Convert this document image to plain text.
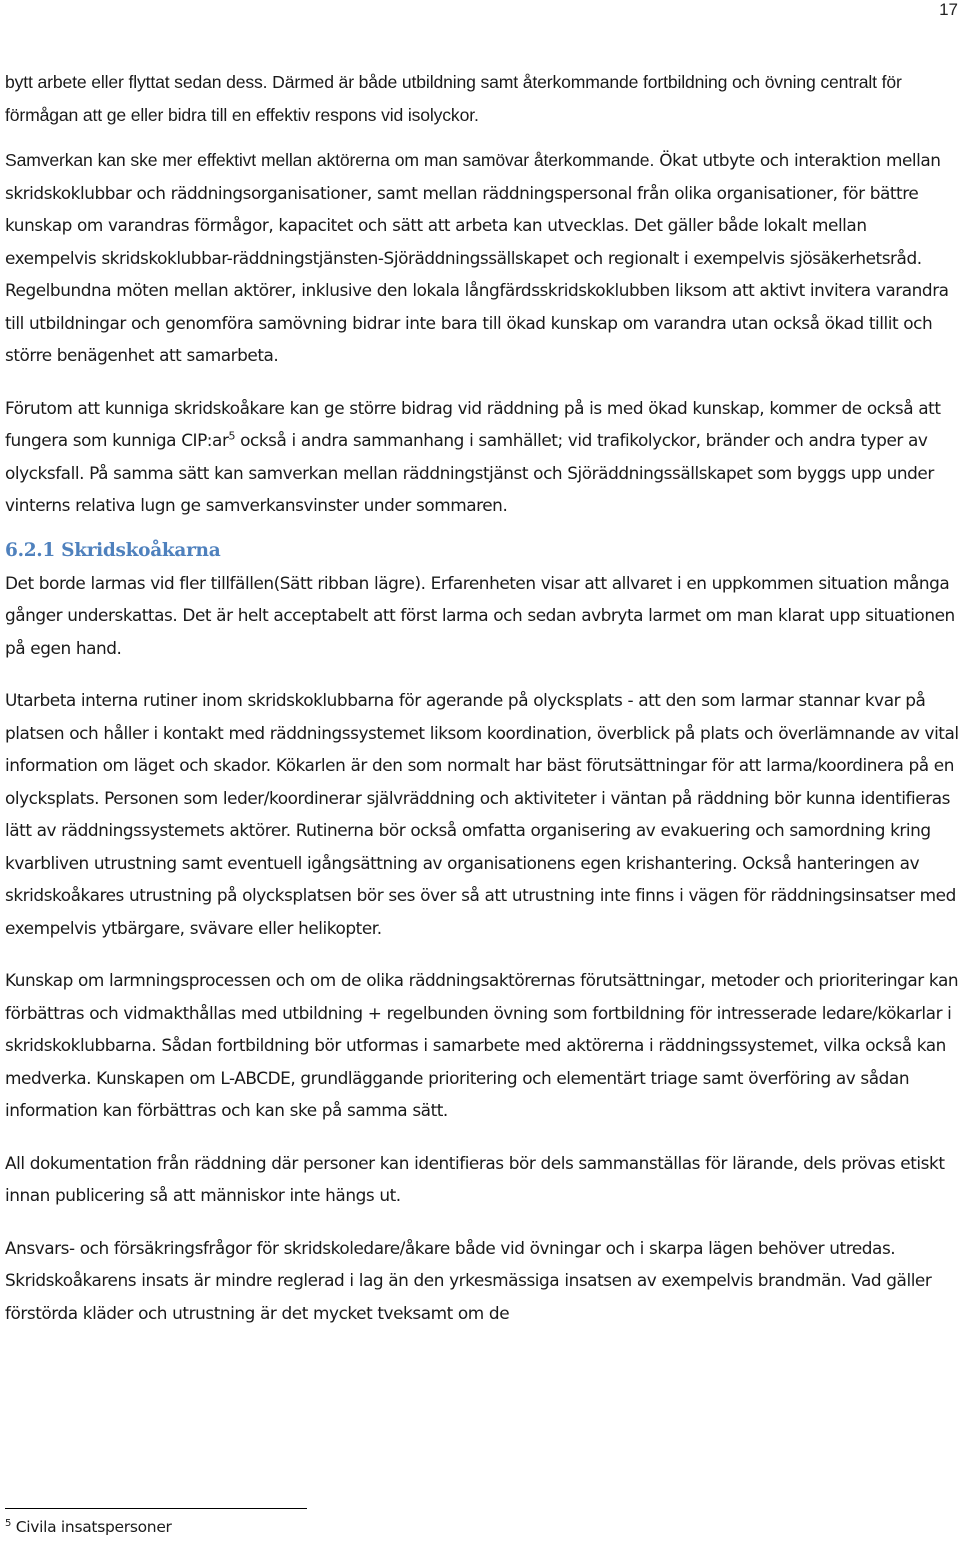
17

bytt arbete eller flyttat sedan dess. Därmed är både utbildning samt återkommande fortbildning och övning centralt för förmågan att ge eller bidra till en effektiv respons vid isolyckor.

Samverkan kan ske mer effektivt mellan aktörerna om man samövar återkommande. Ökat utbyte och interaktion mellan skridskoklubbar och räddningsorganisationer, samt mellan räddningspersonal från olika organisationer, för bättre kunskap om varandras förmågor, kapacitet och sätt att arbeta kan utvecklas. Det gäller både lokalt mellan exempelvis skridskoklubbar-räddningstjänsten-Sjöräddningssällskapet och regionalt i exempelvis sjösäkerhetsråd. Regelbundna möten mellan aktörer, inklusive den lokala långfärdsskridskoklubben liksom att aktivt invitera varandra till utbildningar och genomföra samövning bidrar inte bara till ökad kunskap om varandra utan också ökad tillit och större benägenhet att samarbeta.

Förutom att kunniga skridskoåkare kan ge större bidrag vid räddning på is med ökad kunskap, kommer de också att fungera som kunniga $CIP:ar^5$ också i andra sammanhang i samhället; vid trafikolyckor, bränder och andra typer av olycksfall. På samma sätt kan samverkan mellan räddningstjänst och Sjöräddningssällskapet som byggs upp under vinterns relativa lugn ge samverkansvinster under sommaren.

6.2.1 Skridskoåkarna

Det borde larmas vid fler tillfällen(Sätt ribban lägre). Erfarenheten visar att allvaret i en uppkommen situation många gånger underskattas. Det är helt acceptabelt att först larma och sedan avbryta larmet om man klarat upp situationen på egen hand.

Utarbeta interna rutiner inom skridskoklubbarna för agerande på olycksplats - att den som larmar stannar kvar på platsen och håller i kontakt med räddningssystemet liksom koordination, överblick på plats och överlämnande av vital information om läget och skador. Kökarlen är den som normalt har bäst förutsättningar för att larma/koordinera på en olycksplats. Personen som leder/koordinerar självräddning och aktiviteter i väntan på räddning bör kunna identifieras lätt av räddningssystemets aktörer. Rutinerna bör också omfatta organisering av evakuering och samordning kring kvarbliven utrustning samt eventuell igångsättning av organisationens egen krishantering. Också hanteringen av skridskoåkares utrustning på olycksplatsen bör ses över så att utrustning inte finns i vägen för räddningsinsatser med exempelvis ytbärgare, svävare eller helikopter.

Kunskap om larmningsprocessen och om de olika räddningsaktörernas förutsättningar, metoder och prioriteringar kan förbättras och vidmakthållas med utbildning + regelbunden övning som fortbildning för intresserade ledare/kökarlar i skridskoklubbarna. Sådan fortbildning bör utformas i samarbete med aktörerna i räddningssystemet, vilka också kan medverka. Kunskapen om L-ABCDE, grundläggande prioritering och elementärt triage samt överföring av sådan information kan förbättras och kan ske på samma sätt.

All dokumentation från räddning där personer kan identifieras bör dels sammanställas för lärande, dels prövas etiskt innan publicering så att människor inte hängs ut.

Ansvars- och försäkringsfrågor för skridskoledare/åkare både vid övningar och i skarpa lägen behöver utredas. Skridskoåkarens insats är mindre reglerad i lag än den yrkesmässiga insatsen av exempelvis brandmän. Vad gäller förstörda kläder och utrustning är det mycket tveksamt om de

$^5$ Civila insatspersoner
